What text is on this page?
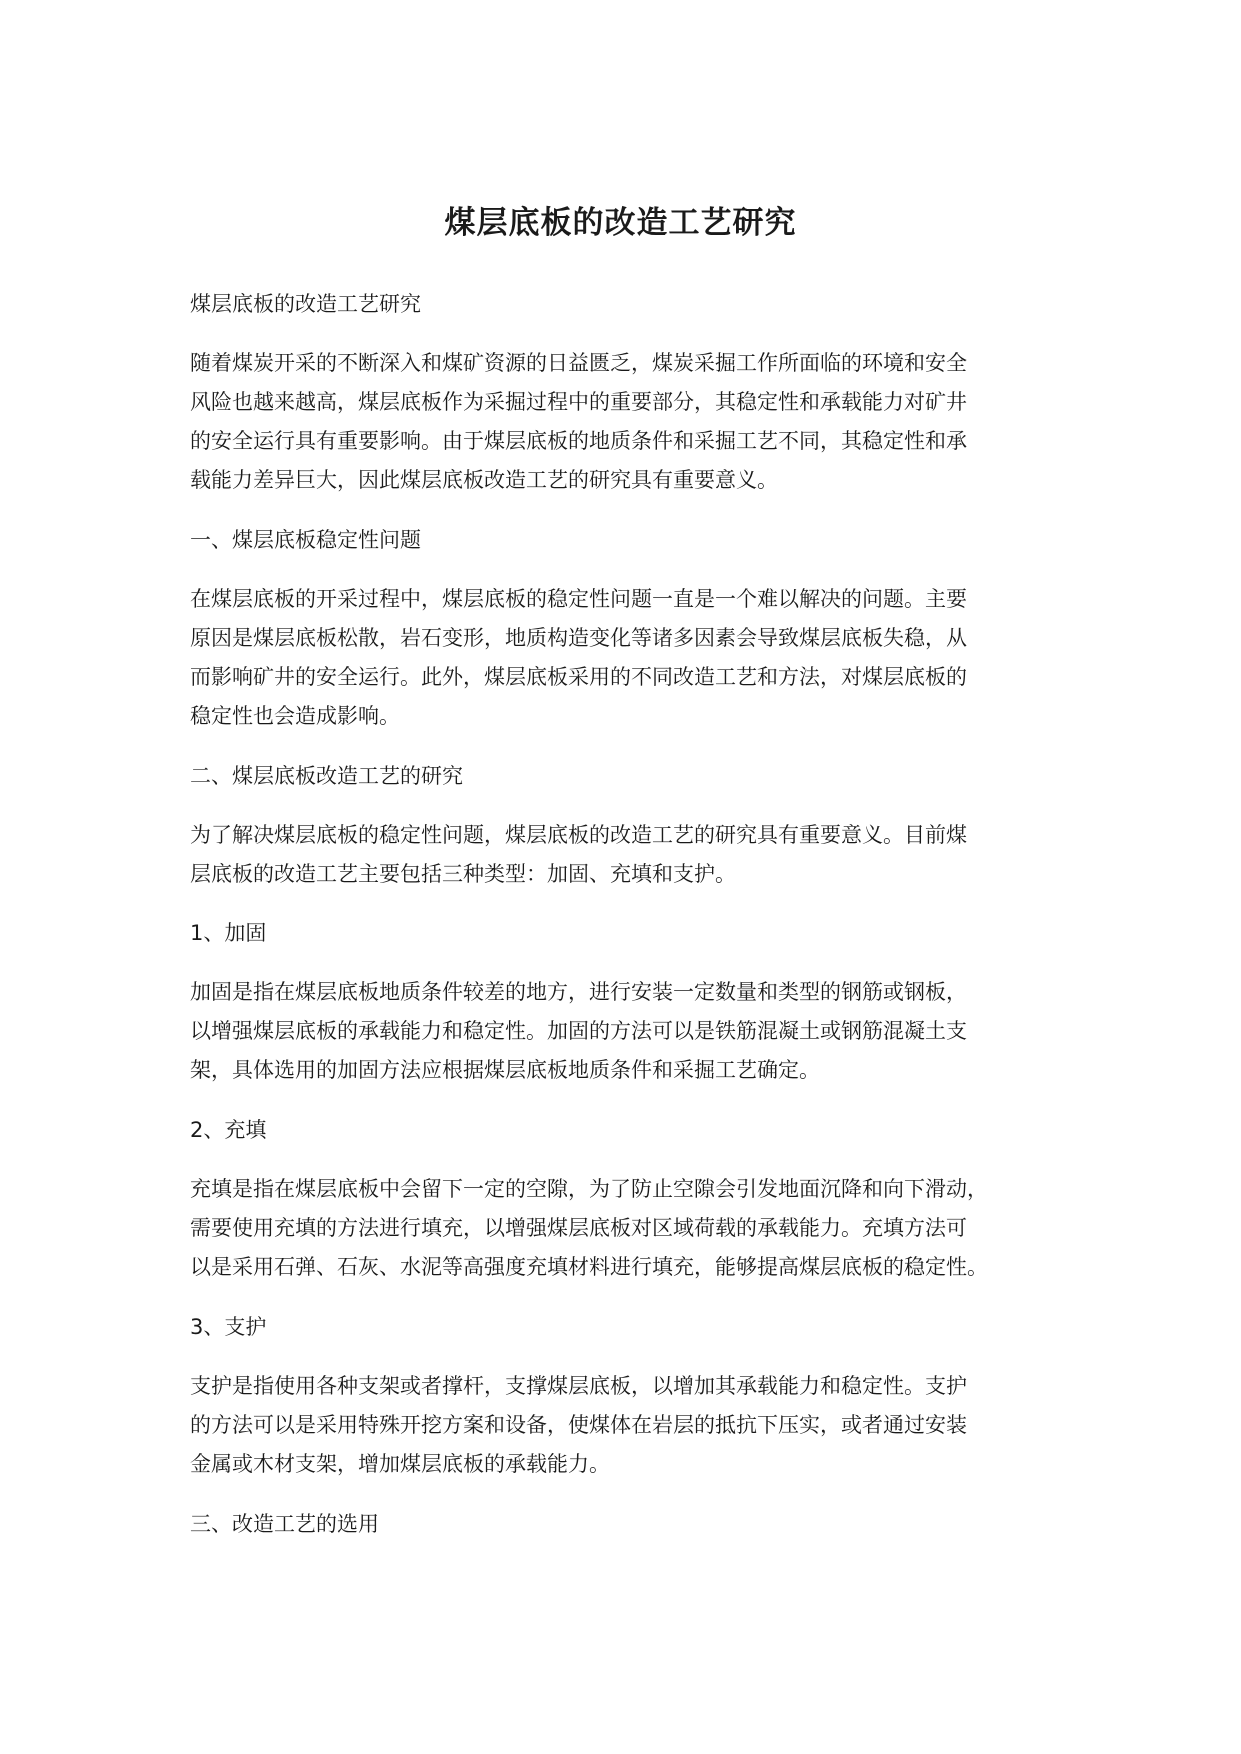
煤层底板的改造工艺研究

煤层底板的改造工艺研究

随着煤炭开采的不断深入和煤矿资源的日益匮乏，煤炭采掘工作所面临的环境和安全
风险也越来越高，煤层底板作为采掘过程中的重要部分，其稳定性和承载能力对矿井
的安全运行具有重要影响。由于煤层底板的地质条件和采掘工艺不同，其稳定性和承
载能力差异巨大，因此煤层底板改造工艺的研究具有重要意义。

一、煤层底板稳定性问题

在煤层底板的开采过程中，煤层底板的稳定性问题一直是一个难以解决的问题。主要
原因是煤层底板松散，岩石变形，地质构造变化等诸多因素会导致煤层底板失稳，从
而影响矿井的安全运行。此外，煤层底板采用的不同改造工艺和方法，对煤层底板的
稳定性也会造成影响。

二、煤层底板改造工艺的研究

为了解决煤层底板的稳定性问题，煤层底板的改造工艺的研究具有重要意义。目前煤
层底板的改造工艺主要包括三种类型：加固、充填和支护。

1、加固

加固是指在煤层底板地质条件较差的地方，进行安装一定数量和类型的钢筋或钢板，
以增强煤层底板的承载能力和稳定性。加固的方法可以是铁筋混凝土或钢筋混凝土支
架，具体选用的加固方法应根据煤层底板地质条件和采掘工艺确定。

2、充填

充填是指在煤层底板中会留下一定的空隙，为了防止空隙会引发地面沉降和向下滑动，
需要使用充填的方法进行填充，以增强煤层底板对区域荷载的承载能力。充填方法可
以是采用石弹、石灰、水泥等高强度充填材料进行填充，能够提高煤层底板的稳定性。

3、支护

支护是指使用各种支架或者撑杆，支撑煤层底板，以增加其承载能力和稳定性。支护
的方法可以是采用特殊开挖方案和设备，使煤体在岩层的抵抗下压实，或者通过安装
金属或木材支架，增加煤层底板的承载能力。

三、改造工艺的选用
